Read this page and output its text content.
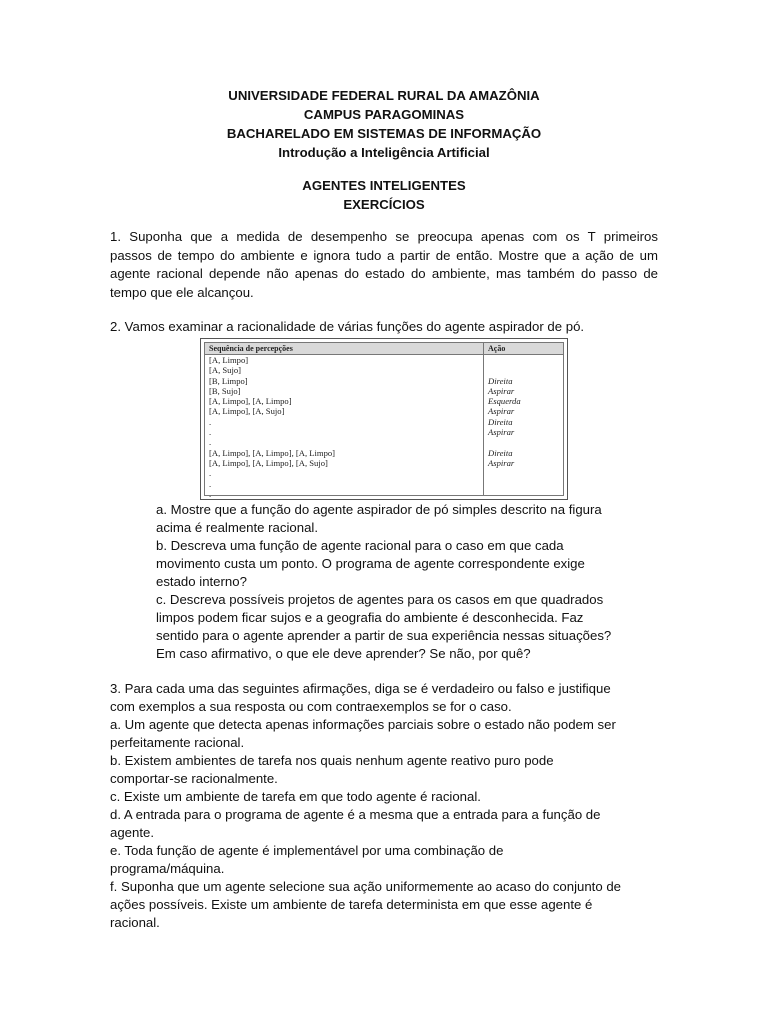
UNIVERSIDADE FEDERAL RURAL DA AMAZÔNIA
CAMPUS PARAGOMINAS
BACHARELADO EM SISTEMAS DE INFORMAÇÃO
Introdução a Inteligência Artificial
AGENTES INTELIGENTES
EXERCÍCIOS
1. Suponha que a medida de desempenho se preocupa apenas com os T primeiros
passos de tempo do ambiente e ignora tudo a partir de então. Mostre que a ação de um
agente racional depende não apenas do estado do ambiente, mas também do passo de
tempo que ele alcançou.
2. Vamos examinar a racionalidade de várias funções do agente aspirador de pó.
Sequência de percepções	Ação
[A, Limpo]
[A, Sujo]
[B, Limpo]
[B, Sujo]
[A, Limpo], [A, Limpo]
[A, Limpo], [A, Sujo]
.
.
.
[A, Limpo], [A, Limpo], [A, Limpo]
[A, Limpo], [A, Limpo], [A, Sujo]
.
.
.
Direita
Aspirar
Esquerda
Aspirar
Direita
Aspirar
Direita
Aspirar
a. Mostre que a função do agente aspirador de pó simples descrito na figura
acima é realmente racional.
b. Descreva uma função de agente racional para o caso em que cada
movimento custa um ponto. O programa de agente correspondente exige
estado interno?
c. Descreva possíveis projetos de agentes para os casos em que quadrados
limpos podem ficar sujos e a geografia do ambiente é desconhecida. Faz
sentido para o agente aprender a partir de sua experiência nessas situações?
Em caso afirmativo, o que ele deve aprender? Se não, por quê?
3. Para cada uma das seguintes afirmações, diga se é verdadeiro ou falso e justifique
com exemplos a sua resposta ou com contraexemplos se for o caso.
a. Um agente que detecta apenas informações parciais sobre o estado não podem ser
perfeitamente racional.
b. Existem ambientes de tarefa nos quais nenhum agente reativo puro pode
comportar-se racionalmente.
c. Existe um ambiente de tarefa em que todo agente é racional.
d. A entrada para o programa de agente é a mesma que a entrada para a função de
agente.
e. Toda função de agente é implementável por uma combinação de
programa/máquina.
f. Suponha que um agente selecione sua ação uniformemente ao acaso do conjunto de
ações possíveis. Existe um ambiente de tarefa determinista em que esse agente é
racional.
